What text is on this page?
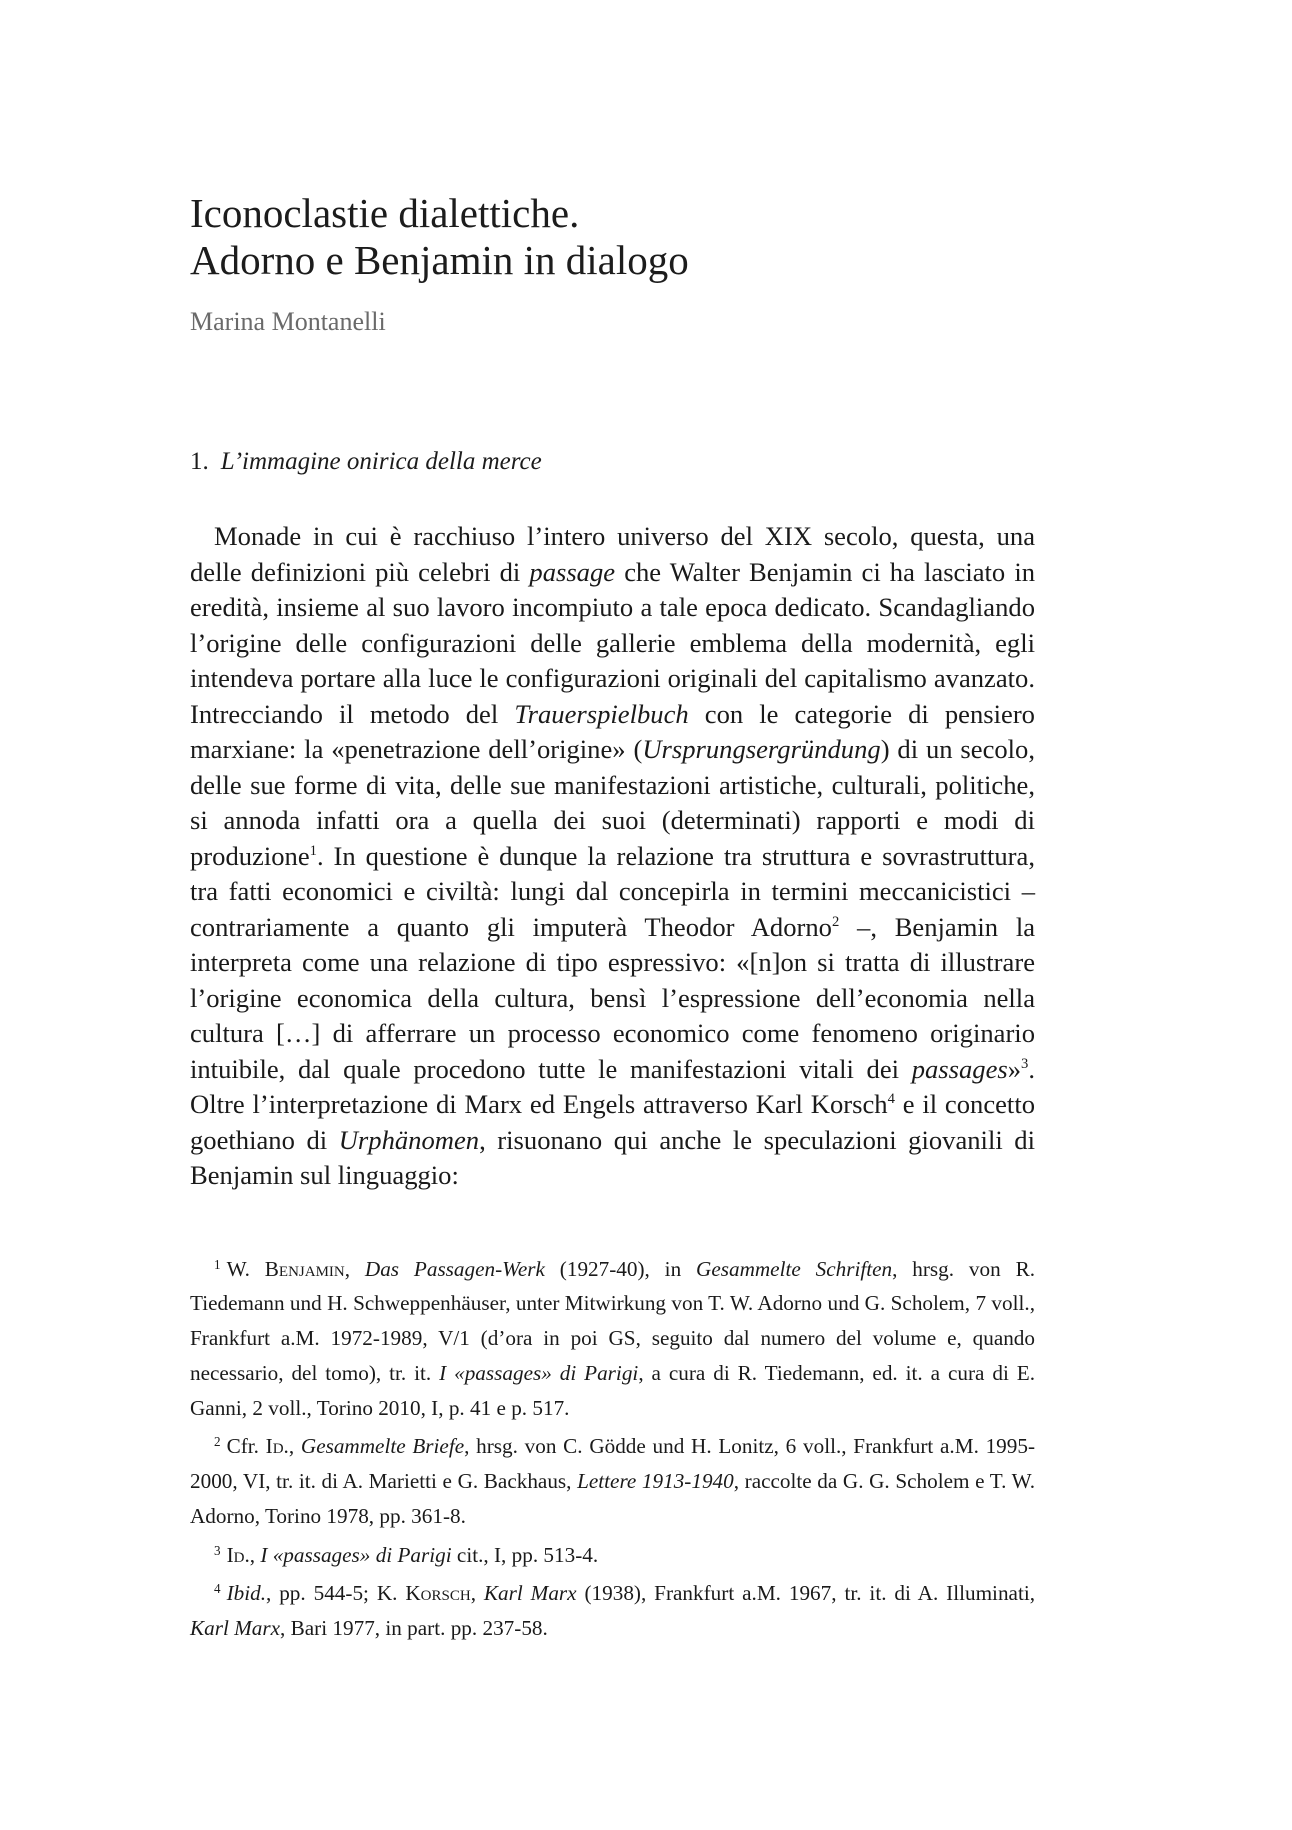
Iconoclastie dialettiche.
Adorno e Benjamin in dialogo
Marina Montanelli
1. L’immagine onirica della merce

Monade in cui è racchiuso l’intero universo del XIX secolo, questa, una delle definizioni più celebri di passage che Walter Benjamin ci ha lasciato in eredità, insieme al suo lavoro incompiuto a tale epoca dedicato. Scandagliando l’origine delle configurazioni delle gallerie emblema della modernità, egli intendeva portare alla luce le configurazioni originali del capitalismo avanzato. Intrecciando il metodo del Trauerspielbuch con le categorie di pensiero marxiane: la «penetrazione dell’origine» (Ursprungsergründung) di un secolo, delle sue forme di vita, delle sue manifestazioni artistiche, culturali, politiche, si annoda infatti ora a quella dei suoi (determinati) rapporti e modi di produzione$^1$. In questione è dunque la relazione tra struttura e sovrastruttura, tra fatti economici e civiltà: lungi dal concepirla in termini meccanicistici – contrariamente a quanto gli imputerà Theodor Adorno$^2$ –, Benjamin la interpreta come una relazione di tipo espressivo: «[n]on si tratta di illustrare l’origine economica della cultura, bensì l’espressione dell’economia nella cultura […] di afferrare un processo economico come fenomeno originario intuibile, dal quale procedono tutte le manifestazioni vitali dei passages»$^3$. Oltre l’interpretazione di Marx ed Engels attraverso Karl Korsch$^4$ e il concetto goethiano di Urphänomen, risuonano qui anche le speculazioni giovanili di Benjamin sul linguaggio:

$^1$ W. Benjamin, Das Passagen-Werk (1927-40), in Gesammelte Schriften, hrsg. von R. Tiedemann und H. Schweppenhäuser, unter Mitwirkung von T. W. Adorno und G. Scholem, 7 voll., Frankfurt a.M. 1972-1989, V/1 (d’ora in poi GS, seguito dal numero del volume e, quando necessario, del tomo), tr. it. I «passages» di Parigi, a cura di R. Tiedemann, ed. it. a cura di E. Ganni, 2 voll., Torino 2010, I, p. 41 e p. 517.

$^2$ Cfr. Id., Gesammelte Briefe, hrsg. von C. Gödde und H. Lonitz, 6 voll., Frankfurt a.M. 1995-2000, VI, tr. it. di A. Marietti e G. Backhaus, Lettere 1913-1940, raccolte da G. G. Scholem e T. W. Adorno, Torino 1978, pp. 361-8.

$^3$ Id., I «passages» di Parigi cit., I, pp. 513-4.

$^4$ Ibid., pp. 544-5; K. Korsch, Karl Marx (1938), Frankfurt a.M. 1967, tr. it. di A. Illuminati, Karl Marx, Bari 1977, in part. pp. 237-58.
